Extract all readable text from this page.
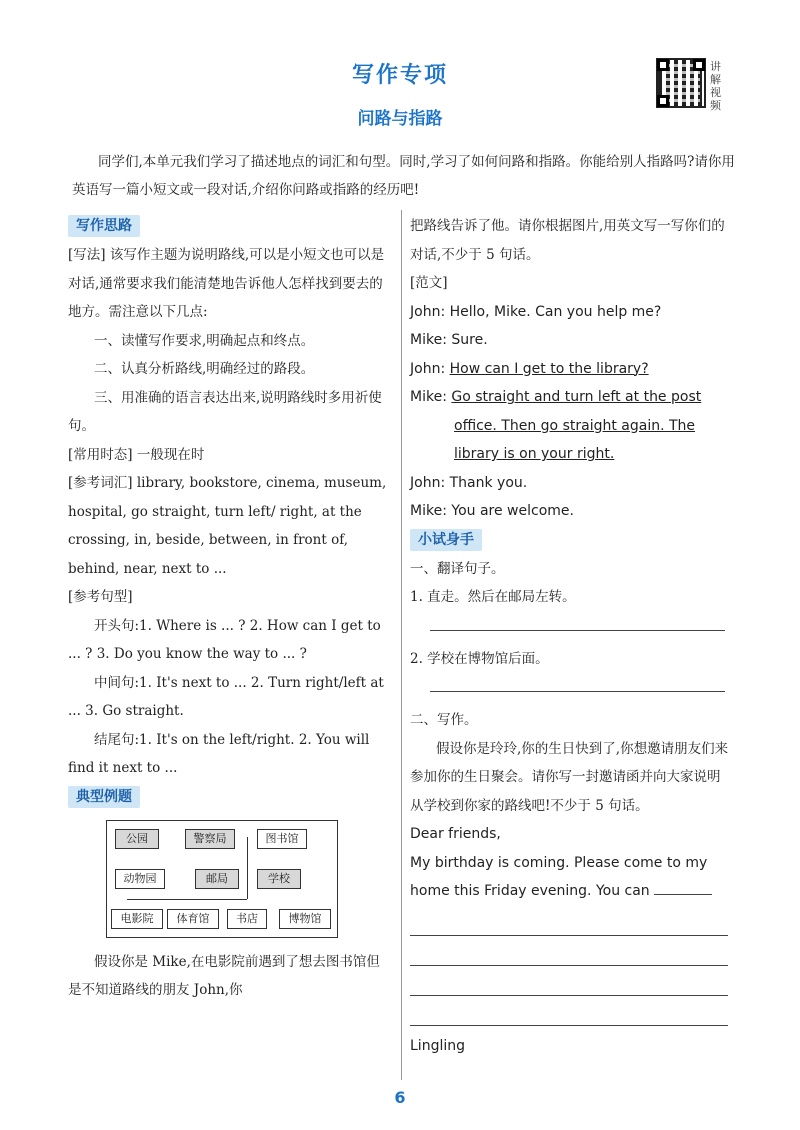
写作专项
问路与指路
讲解视频

同学们,本单元我们学习了描述地点的词汇和句型。同时,学习了如何问路和指路。你能给别人指路吗?请你用英语写一篇小短文或一段对话,介绍你问路或指路的经历吧!

写作思路

[写法] 该写作主题为说明路线,可以是小短文也可以是对话,通常要求我们能清楚地告诉他人怎样找到要去的地方。需注意以下几点:

一、读懂写作要求,明确起点和终点。

二、认真分析路线,明确经过的路段。

三、用准确的语言表达出来,说明路线时多用祈使句。

[常用时态] 一般现在时

[参考词汇] library, bookstore, cinema, museum, hospital, go straight, turn left/ right, at the crossing, in, beside, between, in front of, behind, near, next to ...

[参考句型]

开头句:1. Where is ... ? 2. How can I get to ... ? 3. Do you know the way to ... ?

中间句:1. It's next to ... 2. Turn right/left at ... 3. Go straight.

结尾句:1. It's on the left/right. 2. You will find it next to ...

典型例题
公园	警察局	图书馆
动物园	邮局	学校
电影院	体育馆	书店	博物馆

假设你是 Mike,在电影院前遇到了想去图书馆但是不知道路线的朋友 John,你

把路线告诉了他。请你根据图片,用英文写一写你们的对话,不少于 5 句话。

[范文]

John: Hello, Mike. Can you help me?

Mike: Sure.

John: How can I get to the library?

Mike: Go straight and turn left at the post office. Then go straight again. The library is on your right.

John: Thank you.

Mike: You are welcome.

小试身手

一、翻译句子。

1. 直走。然后在邮局左转。

2. 学校在博物馆后面。

二、写作。

假设你是玲玲,你的生日快到了,你想邀请朋友们来参加你的生日聚会。请你写一封邀请函并向大家说明从学校到你家的路线吧!不少于 5 句话。

Dear friends,

My birthday is coming. Please come to my home this Friday evening. You can

Lingling

6
